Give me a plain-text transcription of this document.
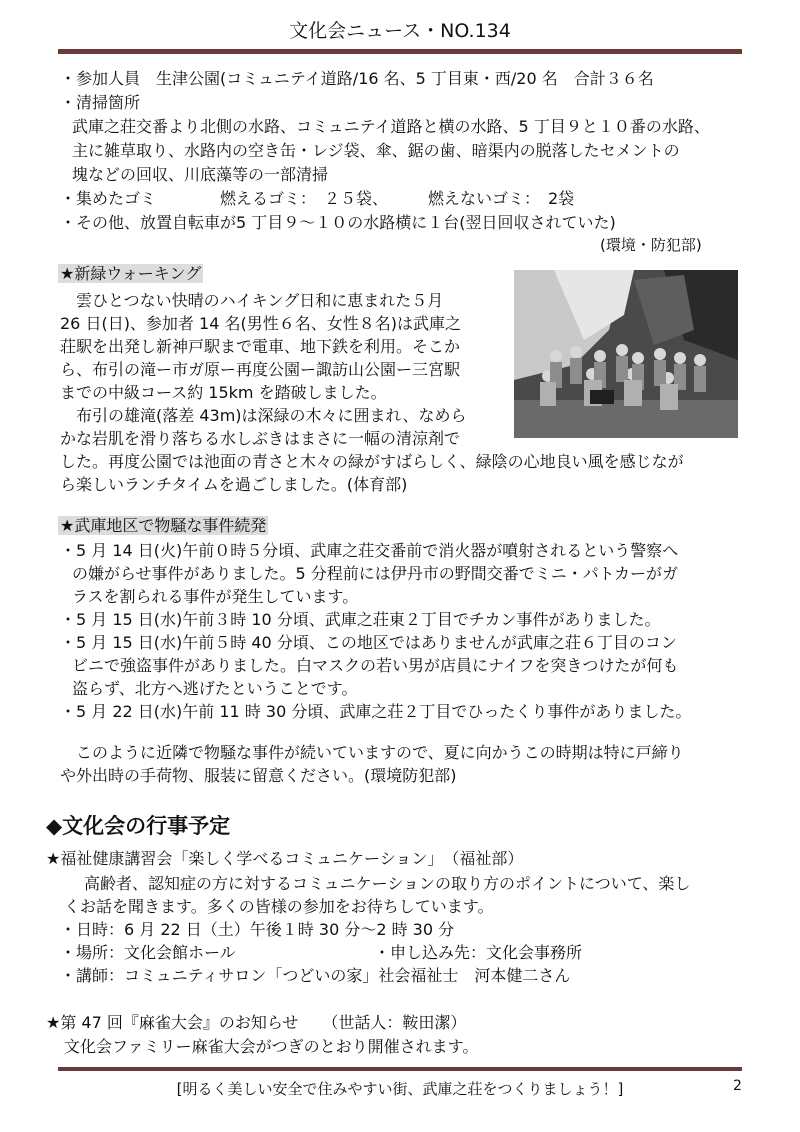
文化会ニュース・NO.134
・参加人員　生津公園(コミュニテイ道路/16 名、5 丁目東・西/20 名　合計３６名
・清掃箇所
武庫之荘交番より北側の水路、コミュニテイ道路と横の水路、5 丁目９と１０番の水路、
主に雑草取り、水路内の空き缶・レジ袋、傘、鋸の歯、暗渠内の脱落したセメントの
塊などの回収、川底藻等の一部清掃
・集めたゴミ　　　　燃えるゴミ：　２５袋、　　　燃えないゴミ：　2袋
・その他、放置自転車が5 丁目９～１０の水路横に１台(翌日回収されていた)
(環境・防犯部)
★新緑ウォーキング
雲ひとつない快晴のハイキング日和に恵まれた５月
26 日(日)、参加者 14 名(男性６名、女性８名)は武庫之
荘駅を出発し新神戸駅まで電車、地下鉄を利用。そこか
ら、布引の滝ー市ガ原ー再度公園ー諏訪山公園ー三宮駅
までの中級コース約 15km を踏破しました。
布引の雄滝(落差 43m)は深緑の木々に囲まれ、なめら
かな岩肌を滑り落ちる水しぶきはまさに一幅の清涼剤で
した。再度公園では池面の青さと木々の緑がすばらしく、緑陰の心地良い風を感じなが
ら楽しいランチタイムを過ごしました。(体育部)
★武庫地区で物騒な事件続発
・5 月 14 日(火)午前０時５分頃、武庫之荘交番前で消火器が噴射されるという警察へ
の嫌がらせ事件がありました。5 分程前には伊丹市の野間交番でミニ・パトカーがガ
ラスを割られる事件が発生しています。
・5 月 15 日(水)午前３時 10 分頃、武庫之荘東２丁目でチカン事件がありました。
・5 月 15 日(水)午前５時 40 分頃、この地区ではありませんが武庫之荘６丁目のコン
ビニで強盗事件がありました。白マスクの若い男が店員にナイフを突きつけたが何も
盗らず、北方へ逃げたということです。
・5 月 22 日(水)午前 11 時 30 分頃、武庫之荘２丁目でひったくり事件がありました。
このように近隣で物騒な事件が続いていますので、夏に向かうこの時期は特に戸締り
や外出時の手荷物、服装に留意ください。(環境防犯部)
◆文化会の行事予定
★福祉健康講習会「楽しく学べるコミュニケーション」　（福祉部）
高齢者、認知症の方に対するコミュニケーションの取り方のポイントについて、楽し
くお話を聞きます。多くの皆様の参加をお待ちしています。
・日時：6 月 22 日（土）午後１時 30 分～2 時 30 分
・場所：文化会館ホール	・申し込み先：文化会事務所
・講師：コミュニティサロン「つどいの家」社会福祉士　河本健二さん
★第 47 回『麻雀大会』のお知らせ　　（世話人：鞍田潔）
文化会ファミリー麻雀大会がつぎのとおり開催されます。
[明るく美しい安全で住みやすい街、武庫之荘をつくりましょう！]	2
